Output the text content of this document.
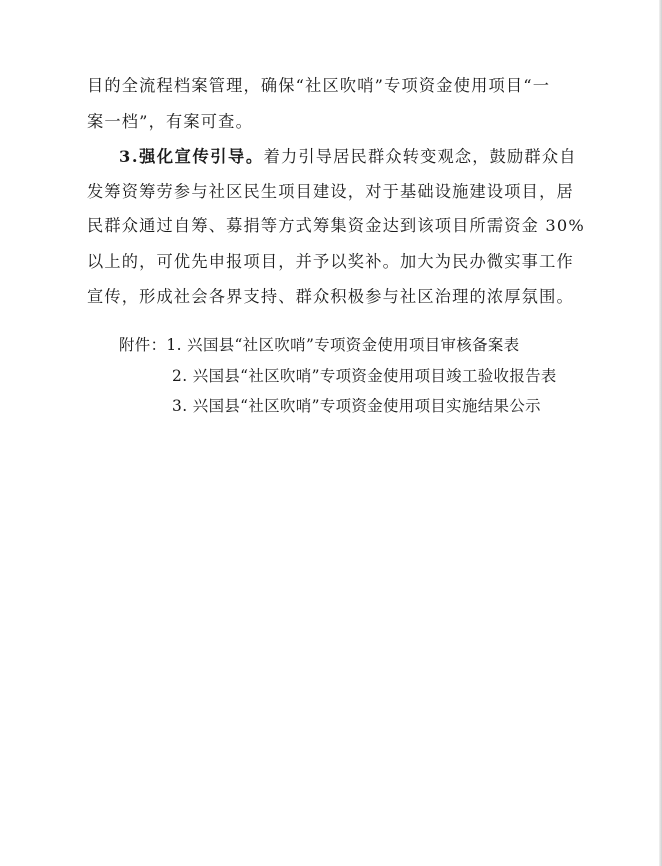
目的全流程档案管理，确保“社区吹哨”专项资金使用项目“一
案一档”，有案可查。
3.强化宣传引导。着力引导居民群众转变观念，鼓励群众自
发筹资筹劳参与社区民生项目建设，对于基础设施建设项目，居
民群众通过自筹、募捐等方式筹集资金达到该项目所需资金 30%
以上的，可优先申报项目，并予以奖补。加大为民办微实事工作
宣传，形成社会各界支持、群众积极参与社区治理的浓厚氛围。
附件：1. 兴国县“社区吹哨”专项资金使用项目审核备案表
2. 兴国县“社区吹哨”专项资金使用项目竣工验收报告表
3. 兴国县“社区吹哨”专项资金使用项目实施结果公示
